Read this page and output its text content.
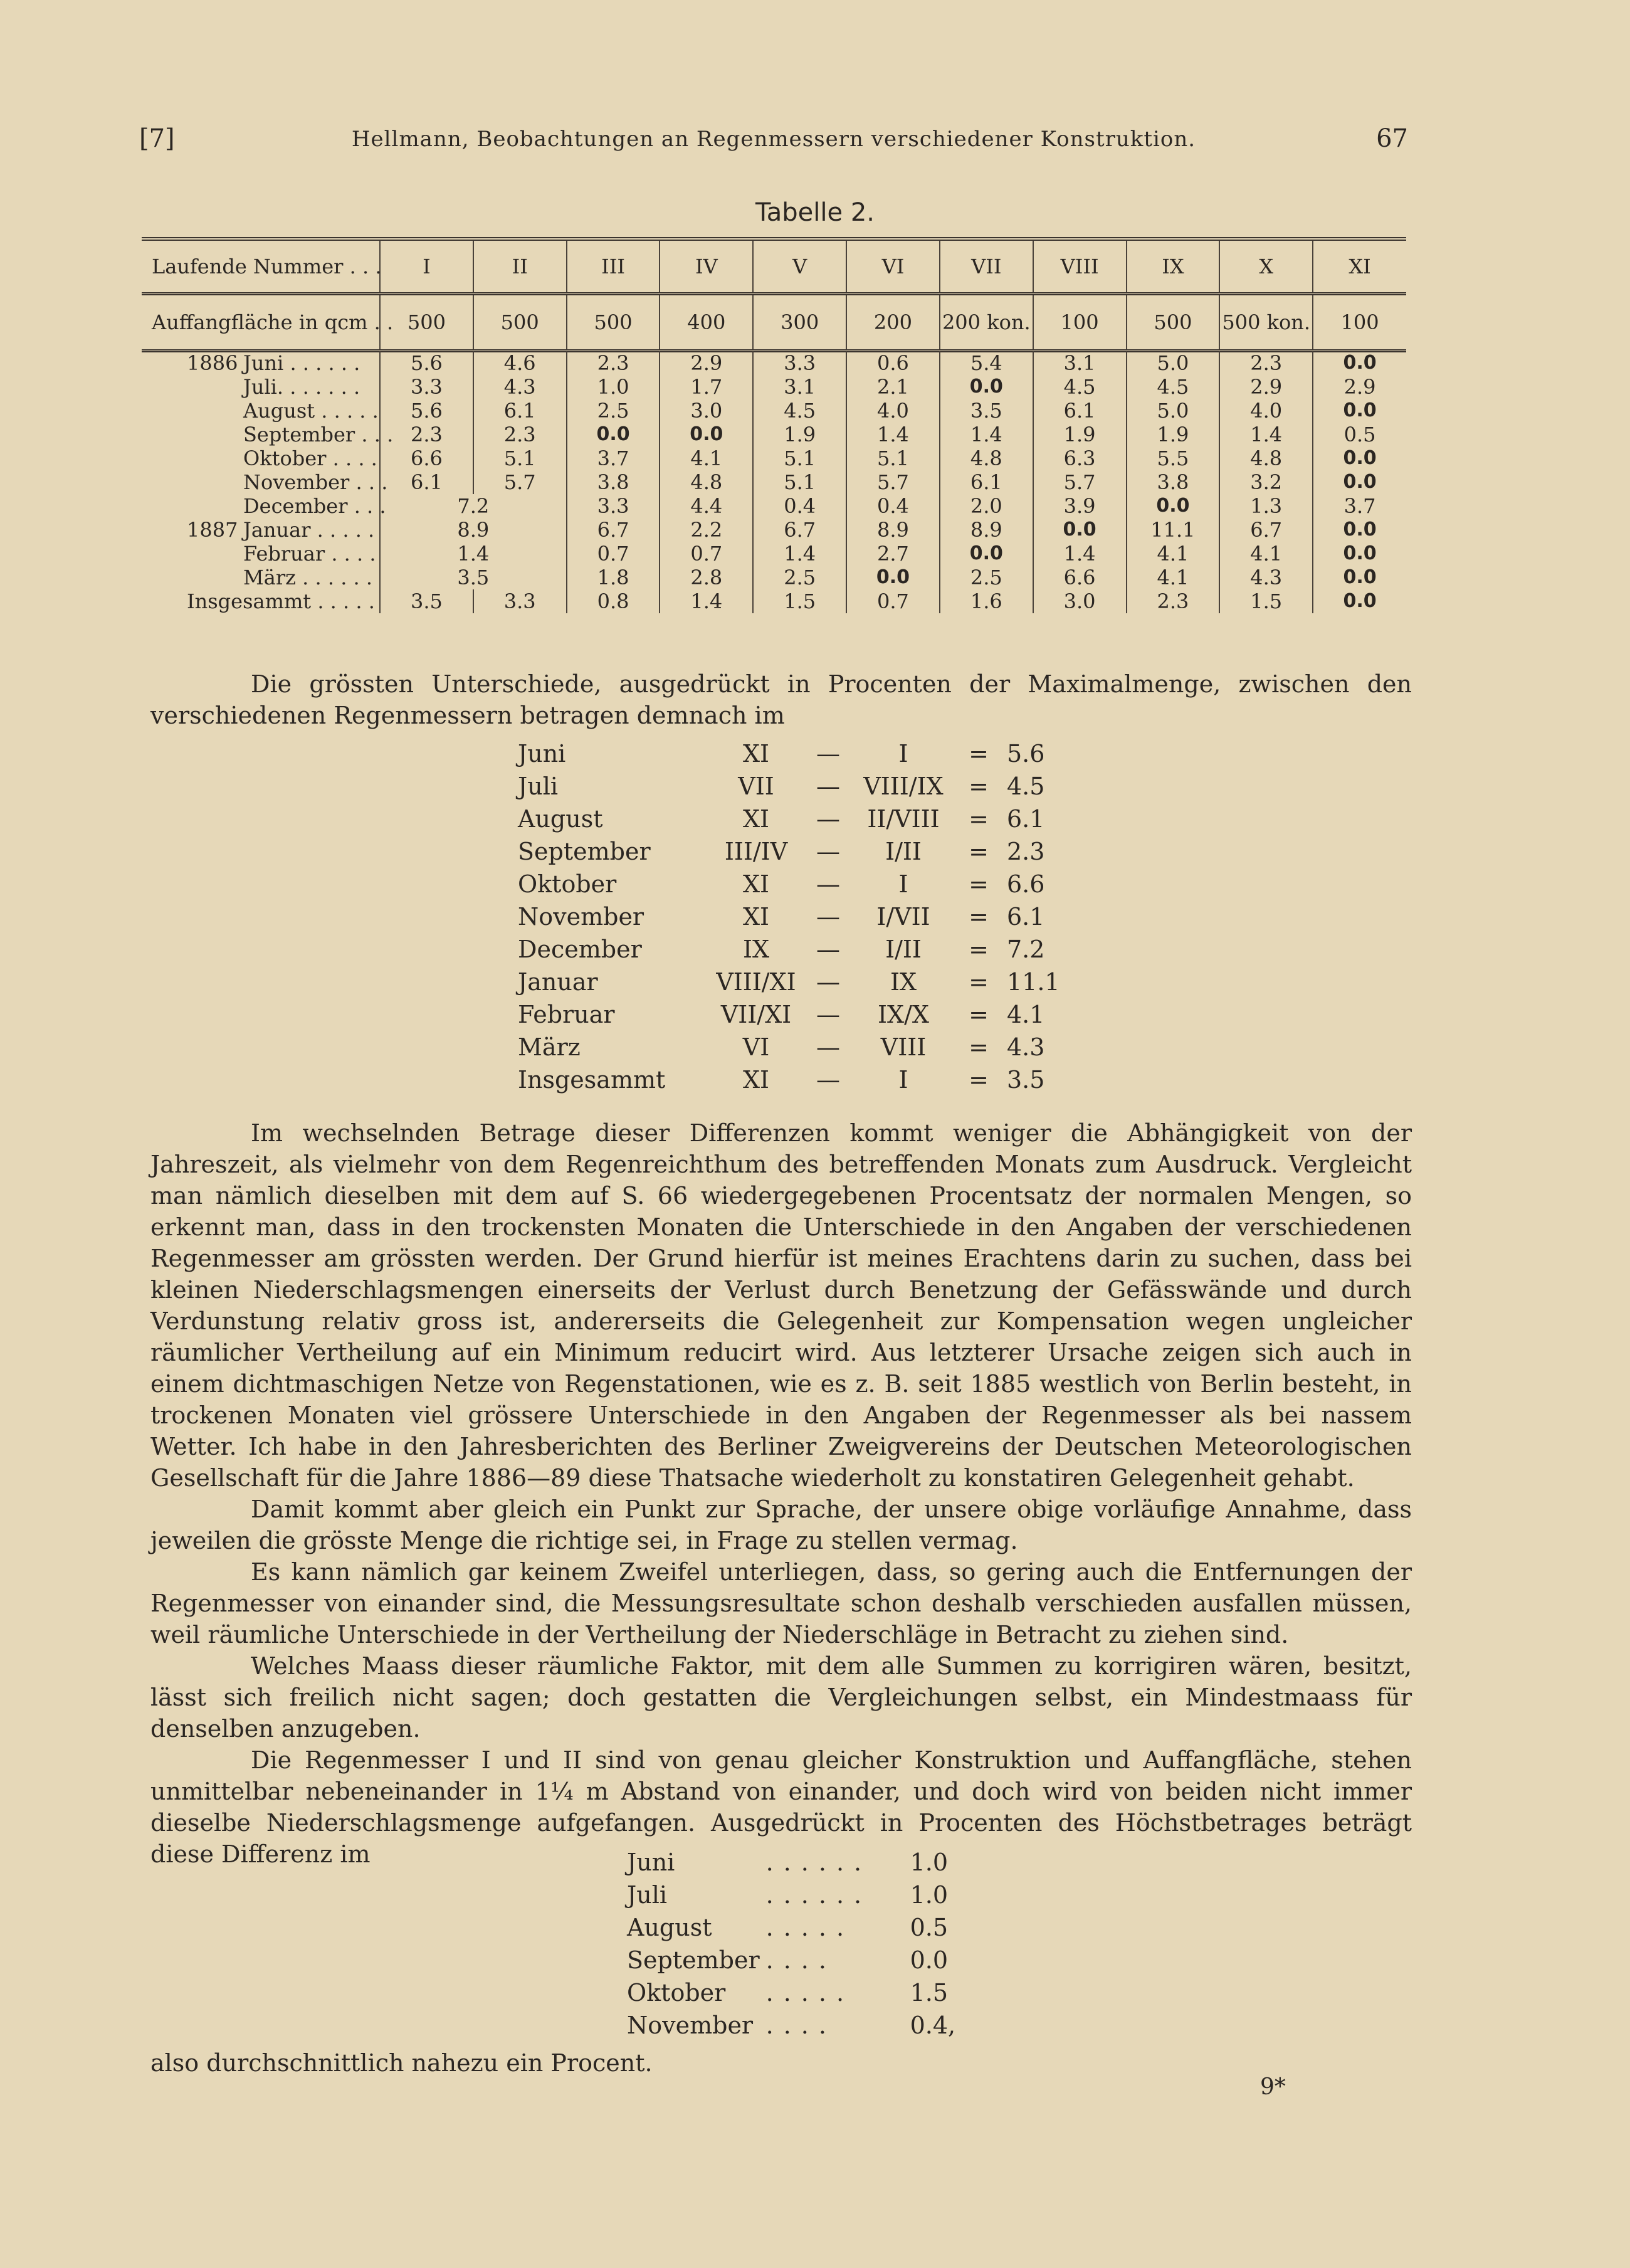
[7]	Hellmann, Beobachtungen an Regenmessern verschiedener Konstruktion.	67
Tabelle 2.
Laufende Nummer . . .	I	II	III	IV	V	VI	VII	VIII	IX	X	XI
Auffangfläche in qcm . .	500	500	500	400	300	200	200 kon.	100	500	500 kon.	100

1886 Juni . . . . . .	5.6	4.6	2.3	2.9	3.3	0.6	5.4	3.1	5.0	2.3	0.0
Juli. . . . . . .	3.3	4.3	1.0	1.7	3.1	2.1	0.0	4.5	4.5	2.9	2.9
August . . . . .	5.6	6.1	2.5	3.0	4.5	4.0	3.5	6.1	5.0	4.0	0.0
September . . .	2.3	2.3	0.0	0.0	1.9	1.4	1.4	1.9	1.9	1.4	0.5
Oktober . . . .	6.6	5.1	3.7	4.1	5.1	5.1	4.8	6.3	5.5	4.8	0.0
November . . .	6.1	5.7	3.8	4.8	5.1	5.7	6.1	5.7	3.8	3.2	0.0
December . . .	7.2		3.3	4.4	0.4	0.4	2.0	3.9	0.0	1.3	3.7

1887 Januar . . . . .	8.9		6.7	2.2	6.7	8.9	8.9	0.0	11.1	6.7	0.0
Februar . . . .	1.4		0.7	0.7	1.4	2.7	0.0	1.4	4.1	4.1	0.0
März . . . . . .	3.5		1.8	2.8	2.5	0.0	2.5	6.6	4.1	4.3	0.0

Insgesammt . . . . .	3.5	3.3	0.8	1.4	1.5	0.7	1.6	3.0	2.3	1.5	0.0
Die grössten Unterschiede, ausgedrückt in Procenten der Maximalmenge, zwischen den verschiedenen Regenmessern betragen demnach im
Juni	XI	—	I	=	5.6
Juli	VII	—	VIII/IX	=	4.5
August	XI	—	II/VIII	=	6.1
September	III/IV	—	I/II	=	2.3
Oktober	XI	—	I	=	6.6
November	XI	—	I/VII	=	6.1
December	IX	—	I/II	=	7.2
Januar	VIII/XI	—	IX	=	11.1
Februar	VII/XI	—	IX/X	=	4.1
März	VI	—	VIII	=	4.3

Insgesammt	XI	—	I	=	3.5
Im wechselnden Betrage dieser Differenzen kommt weniger die Abhängigkeit von der Jahreszeit, als vielmehr von dem Regenreichthum des betreffenden Monats zum Ausdruck. Vergleicht man nämlich dieselben mit dem auf S. 66 wiedergegebenen Procentsatz der normalen Mengen, so erkennt man, dass in den trockensten Monaten die Unterschiede in den Angaben der verschiedenen Regenmesser am grössten werden. Der Grund hierfür ist meines Erachtens darin zu suchen, dass bei kleinen Niederschlagsmengen einerseits der Verlust durch Benetzung der Gefässwände und durch Verdunstung relativ gross ist, andererseits die Gelegenheit zur Kompensation wegen ungleicher räumlicher Vertheilung auf ein Minimum reducirt wird. Aus letzterer Ursache zeigen sich auch in einem dichtmaschigen Netze von Regenstationen, wie es z. B. seit 1885 westlich von Berlin besteht, in trockenen Monaten viel grössere Unterschiede in den Angaben der Regenmesser als bei nassem Wetter. Ich habe in den Jahresberichten des Berliner Zweigvereins der Deutschen Meteorologischen Gesellschaft für die Jahre 1886—89 diese Thatsache wiederholt zu konstatiren Gelegenheit gehabt.
Damit kommt aber gleich ein Punkt zur Sprache, der unsere obige vorläufige Annahme, dass jeweilen die grösste Menge die richtige sei, in Frage zu stellen vermag.
Es kann nämlich gar keinem Zweifel unterliegen, dass, so gering auch die Entfernungen der Regenmesser von einander sind, die Messungsresultate schon deshalb verschieden ausfallen müssen, weil räumliche Unterschiede in der Vertheilung der Niederschläge in Betracht zu ziehen sind.
Welches Maass dieser räumliche Faktor, mit dem alle Summen zu korrigiren wären, besitzt, lässt sich freilich nicht sagen; doch gestatten die Vergleichungen selbst, ein Mindestmaass für denselben anzugeben.
Die Regenmesser I und II sind von genau gleicher Konstruktion und Auffangfläche, stehen unmittelbar nebeneinander in 1¼ m Abstand von einander, und doch wird von beiden nicht immer dieselbe Niederschlagsmenge aufgefangen. Ausgedrückt in Procenten des Höchstbetrages beträgt diese Differenz im	Juni	......	1.0
Juli	......	1.0
August	.....	0.5
September	....	0.0
Oktober	.....	1.5
November	....	0.4,
also durchschnittlich nahezu ein Procent.
9*
